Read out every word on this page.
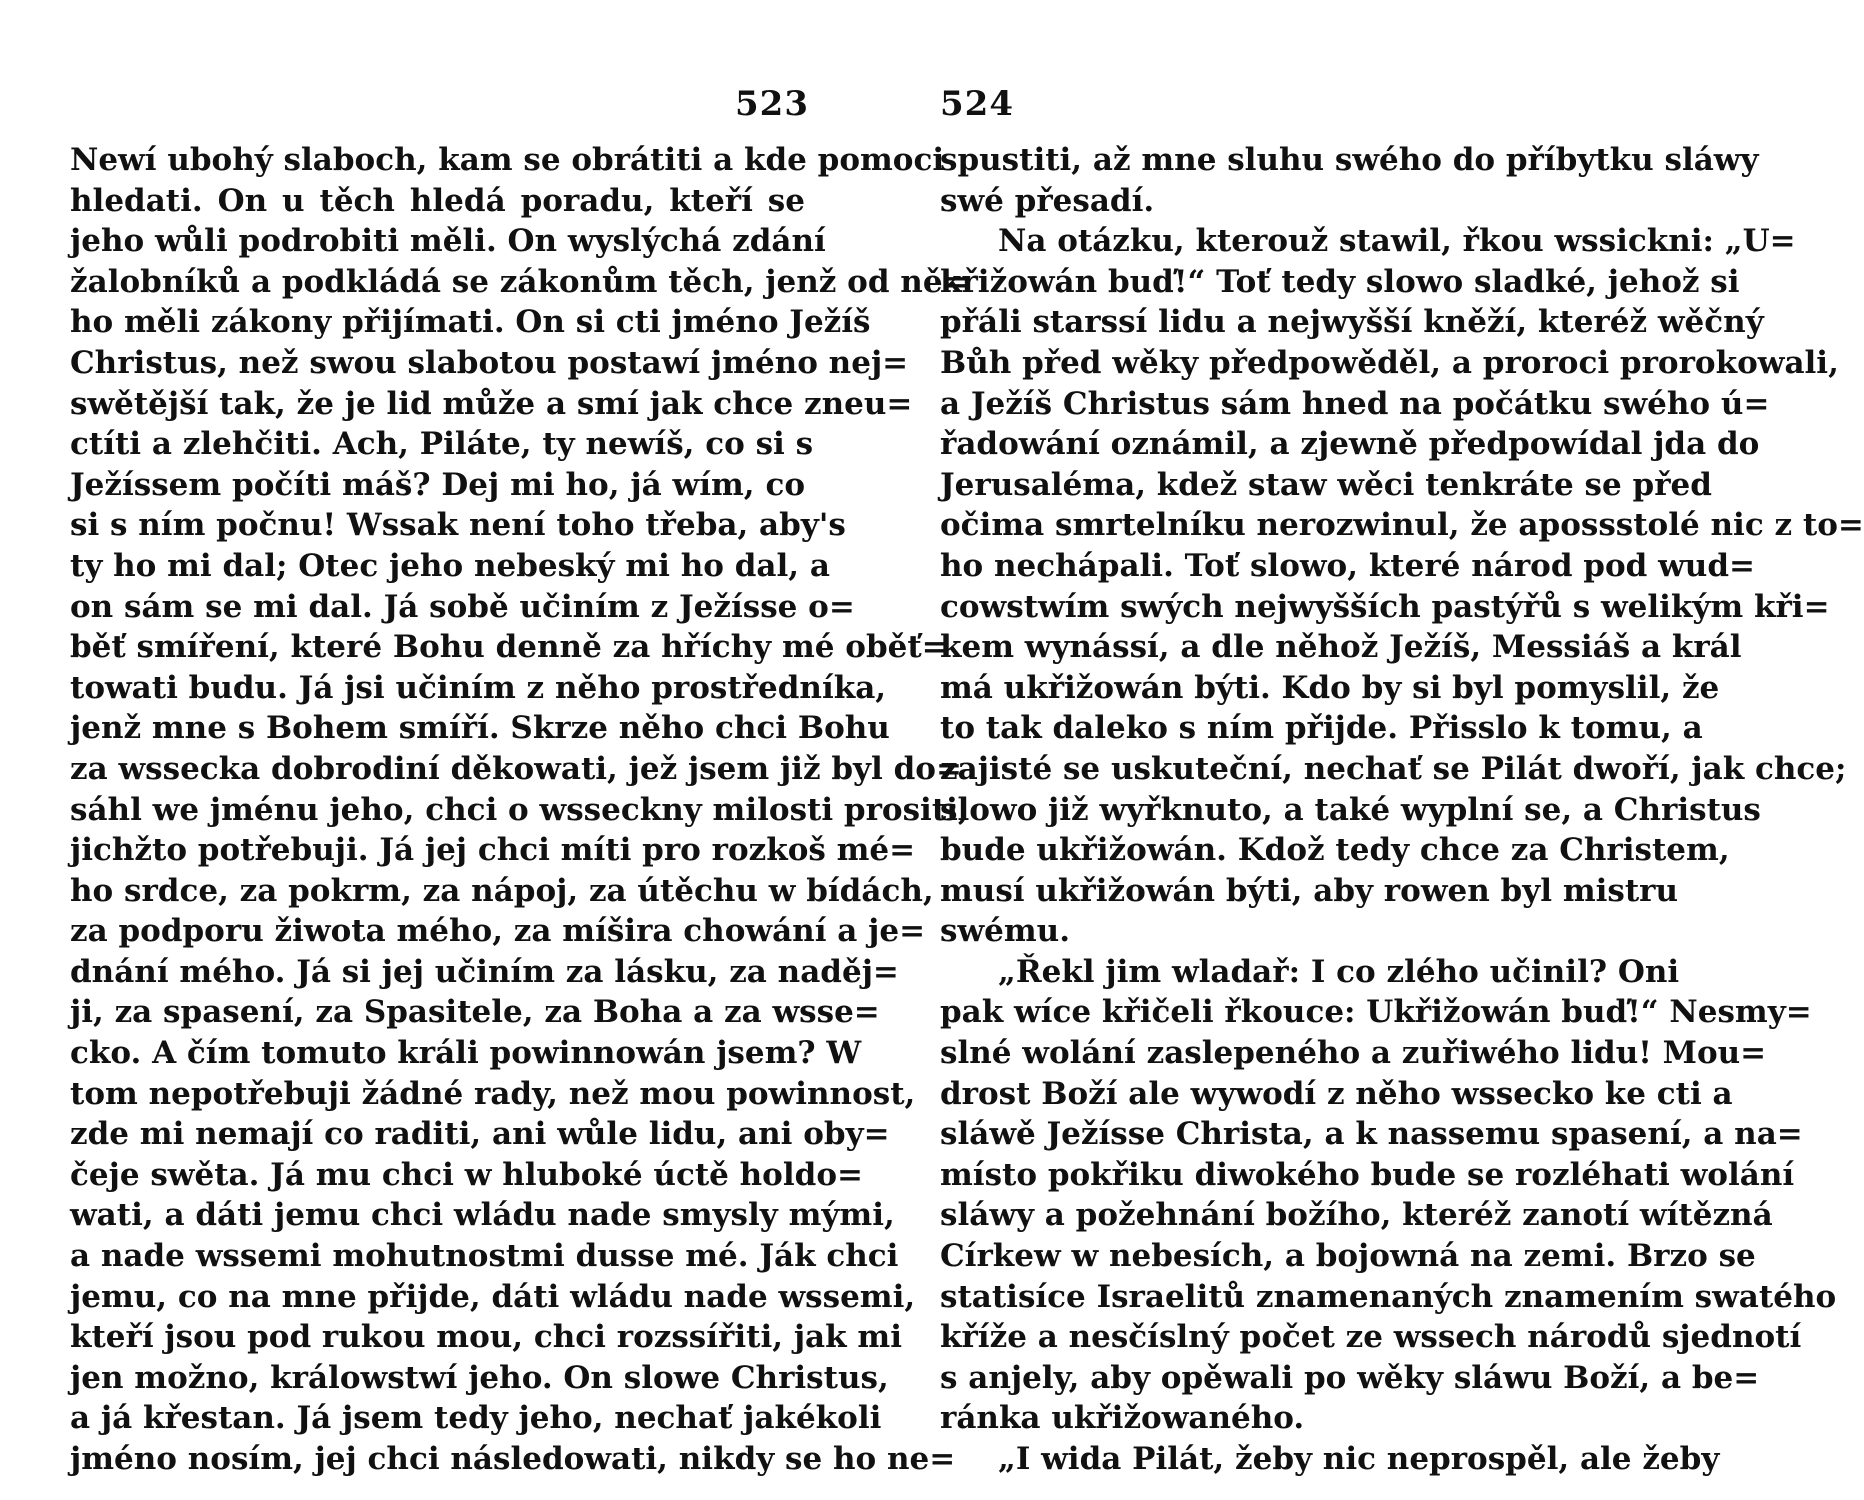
523
Newí ubohý slaboch, kam se obrátiti a kde pomoci
hledati. On u těch hledá poradu, kteří se
jeho wůli podrobiti měli. On wyslýchá zdání
žalobníků a podkládá se zákonům těch, jenž od ně=
ho měli zákony přijímati. On si cti jméno Ježíš
Christus, než swou slabotou postawí jméno nej=
swětější tak, že je lid může a smí jak chce zneu=
ctíti a zlehčiti. Ach, Piláte, ty newíš, co si s
Ježíssem počíti máš? Dej mi ho, já wím, co
si s ním počnu! Wssak není toho třeba, aby's
ty ho mi dal; Otec jeho nebeský mi ho dal, a
on sám se mi dal. Já sobě učiním z Ježísse o=
běť smíření, které Bohu denně za hříchy mé oběť=
towati budu. Já jsi učiním z něho prostředníka,
jenž mne s Bohem smíří. Skrze něho chci Bohu
za wssecka dobrodiní děkowati, jež jsem již byl do=
sáhl we jménu jeho, chci o wsseckny milosti prositi,
jichžto potřebuji. Já jej chci míti pro rozkoš mé=
ho srdce, za pokrm, za nápoj, za útěchu w bídách,
za podporu žiwota mého, za míšira chowání a je=
dnání mého. Já si jej učiním za lásku, za naděj=
ji, za spasení, za Spasitele, za Boha a za wsse=
cko. A čím tomuto králi powinnowán jsem? W
tom nepotřebuji žádné rady, než mou powinnost,
zde mi nemají co raditi, ani wůle lidu, ani oby=
čeje swěta. Já mu chci w hluboké úctě holdo=
wati, a dáti jemu chci wládu nade smysly mými,
a nade wssemi mohutnostmi dusse mé. Ják chci
jemu, co na mne přijde, dáti wládu nade wssemi,
kteří jsou pod rukou mou, chci rozssířiti, jak mi
jen možno, králowstwí jeho. On slowe Christus,
a já křestan. Já jsem tedy jeho, nechať jakékoli
jméno nosím, jej chci následowati, nikdy se ho ne=
524
spustiti, až mne sluhu swého do příbytku sláwy
swé přesadí.
Na otázku, kterouž stawil, řkou wssickni: „U=
křižowán buď!“ Toť tedy slowo sladké, jehož si
přáli starssí lidu a nejwyšší kněží, kteréž wěčný
Bůh před wěky předpowěděl, a proroci prorokowali,
a Ježíš Christus sám hned na počátku swého ú=
řadowání oznámil, a zjewně předpowídal jda do
Jerusaléma, kdež staw wěci tenkráte se před
očima smrtelníku nerozwinul, že apossstolé nic z to=
ho nechápali. Toť slowo, které národ pod wud=
cowstwím swých nejwyšších pastýřů s welikým kři=
kem wynássí, a dle něhož Ježíš, Messiáš a král
má ukřižowán býti. Kdo by si byl pomyslil, že
to tak daleko s ním přijde. Přisslo k tomu, a
zajisté se uskuteční, nechať se Pilát dwoří, jak chce;
slowo již wyřknuto, a také wyplní se, a Christus
bude ukřižowán. Kdož tedy chce za Christem,
musí ukřižowán býti, aby rowen byl mistru
swému.
„Řekl jim wladař: I co zlého učinil? Oni
pak wíce křičeli řkouce: Ukřižowán buď!“ Nesmy=
slné wolání zaslepeného a zuřiwého lidu! Mou=
drost Boží ale wywodí z něho wssecko ke cti a
sláwě Ježísse Christa, a k nassemu spasení, a na=
místo pokřiku diwokého bude se rozléhati wolání
sláwy a požehnání božího, kteréž zanotí wítězná
Církew w nebesích, a bojowná na zemi. Brzo se
statisíce Israelitů znamenaných znamením swatého
kříže a nesčíslný počet ze wssech národů sjednotí
s anjely, aby opěwali po wěky sláwu Boží, a be=
ránka ukřižowaného.
„I wida Pilát, žeby nic neprospěl, ale žeby
